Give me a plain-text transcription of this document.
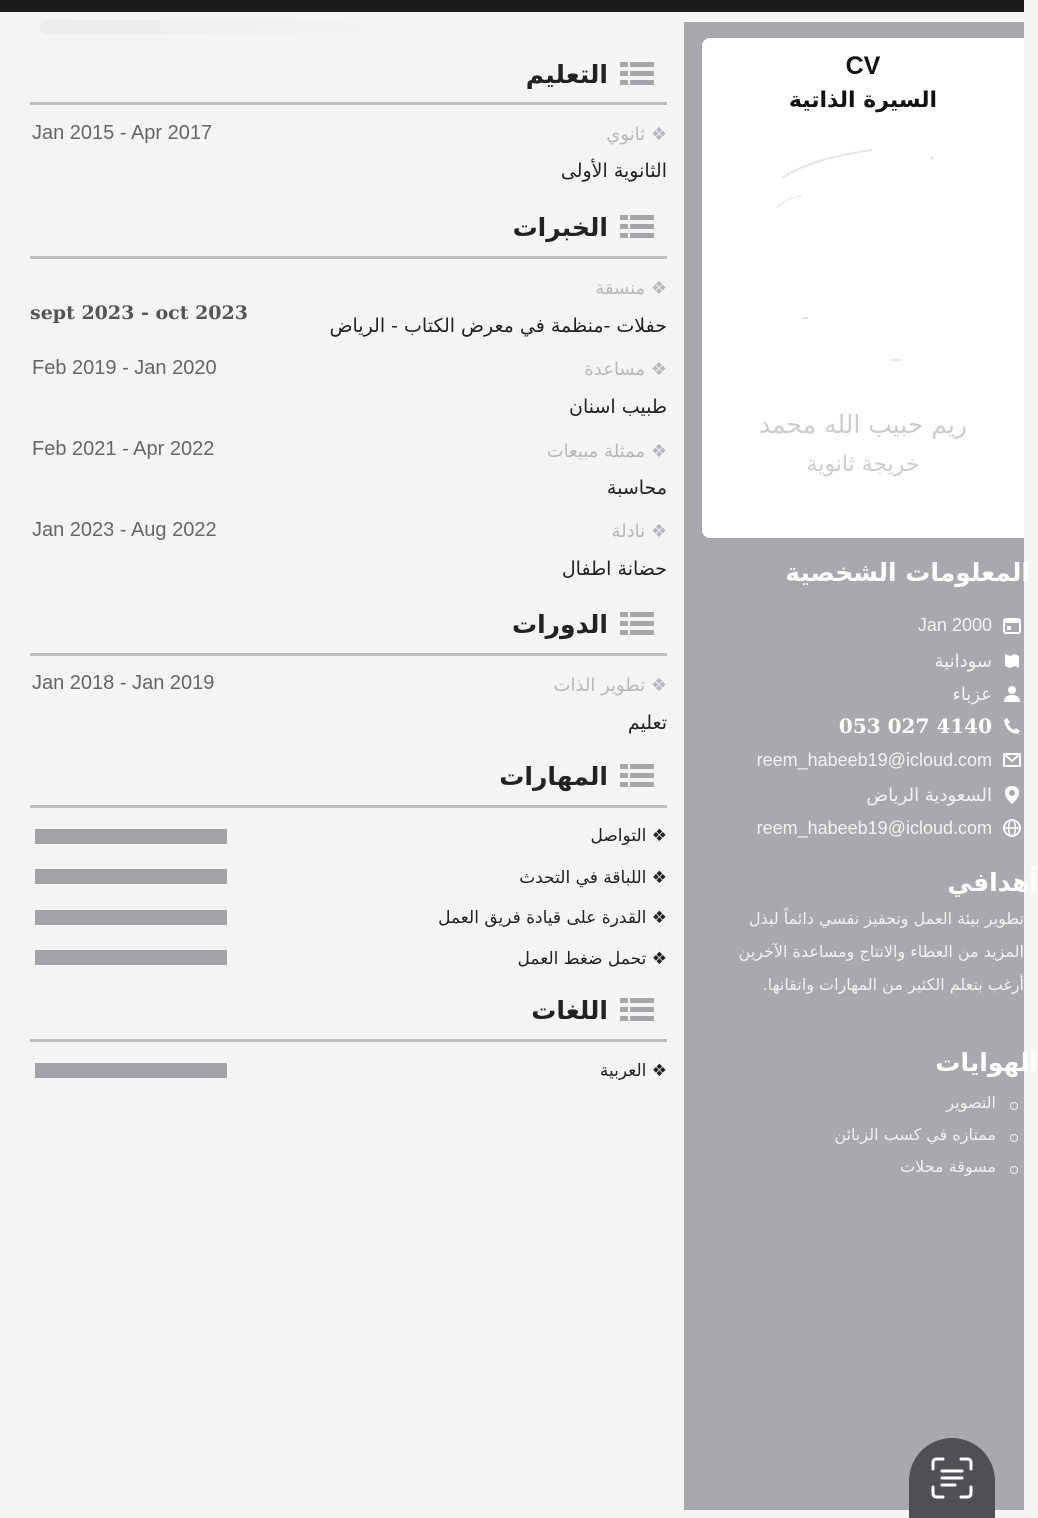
CV
السيرة الذاتية
ريم حبيب الله محمد
خريجة ثانوية
المعلومات الشخصية
Jan 2000
سودانية
عزباء
053 027 4140
reem_habeeb19@icloud.com
السعودية الرياض
reem_habeeb19@icloud.com
أهدافي
تطوير بيئة العمل وتحفيز نفسي دائماً لبذل
المزيد من العطاء والانتاج ومساعدة الآخرين
أرغب بتعلم الكثير من المهارات واتقانها.
الهوايات
التصوير
ممتازه في كسب الزبائن
مسوقة محلات
التعليم
❖ ثانوي
الثانوية الأولى
Jan 2015 - Apr 2017
الخبرات
❖ منسقة
حفلات -منظمة في معرض الكتاب - الرياض
sept 2023 - oct 2023
❖ مساعدة
طبيب اسنان
Feb 2019 - Jan 2020
❖ ممثلة مبيعات
محاسبة
Feb 2021 - Apr 2022
❖ نادلة
حضانة اطفال
Jan 2023 - Aug 2022
الدورات
❖ تطوير الذات
تعليم
Jan 2018 - Jan 2019
المهارات
❖ التواصل
❖ اللباقة في التحدث
❖ القدرة على قيادة فريق العمل
❖ تحمل ضغط العمل
اللغات
❖ العربية
